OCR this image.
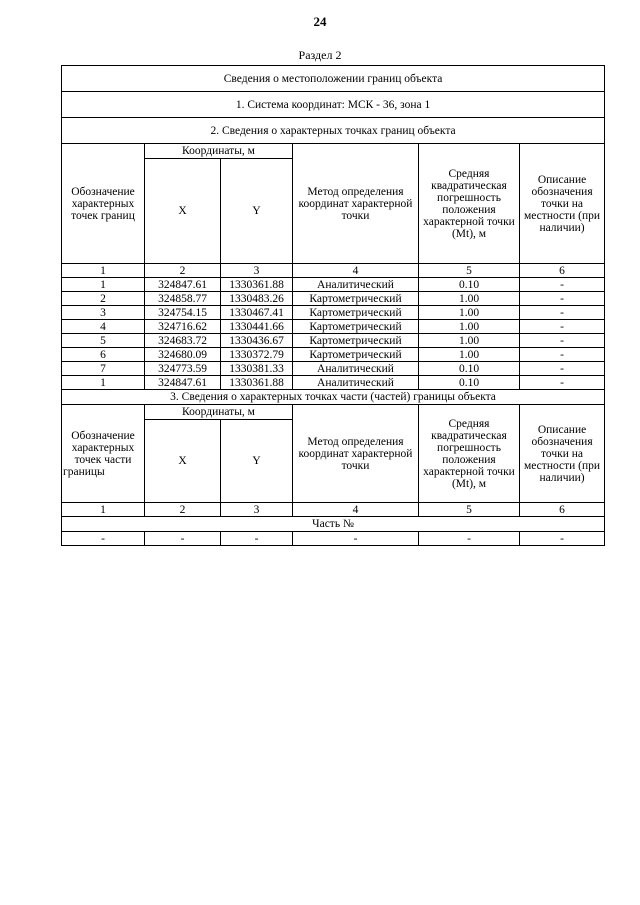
24
Раздел 2
Сведения о местоположении границ объекта					
1. Система координат: МСК - 36, зона 1					
2. Сведения о характерных точках границ объекта					
Обозначение характерных точек границ	Координаты, м		Метод определения координат характерной точки	Средняя квадратическая погрешность положения характерной точки (Mt), м	Описание обозначения точки на местности (при наличии)
	X	Y			
1	2	3	4	5	6
1	324847.61	1330361.88	Аналитический	0.10	-
2	324858.77	1330483.26	Картометрический	1.00	-
3	324754.15	1330467.41	Картометрический	1.00	-
4	324716.62	1330441.66	Картометрический	1.00	-
5	324683.72	1330436.67	Картометрический	1.00	-
6	324680.09	1330372.79	Картометрический	1.00	-
7	324773.59	1330381.33	Аналитический	0.10	-
1	324847.61	1330361.88	Аналитический	0.10	-
3. Сведения о характерных точках части (частей) границы объекта					
Обозначение характерных точек части границы	Координаты, м		Метод определения координат характерной точки	Средняя квадратическая погрешность положения характерной точки (Mt), м	Описание обозначения точки на местности (при наличии)
	X	Y			
1	2	3	4	5	6
Часть №					
-	-	-	-	-	-
